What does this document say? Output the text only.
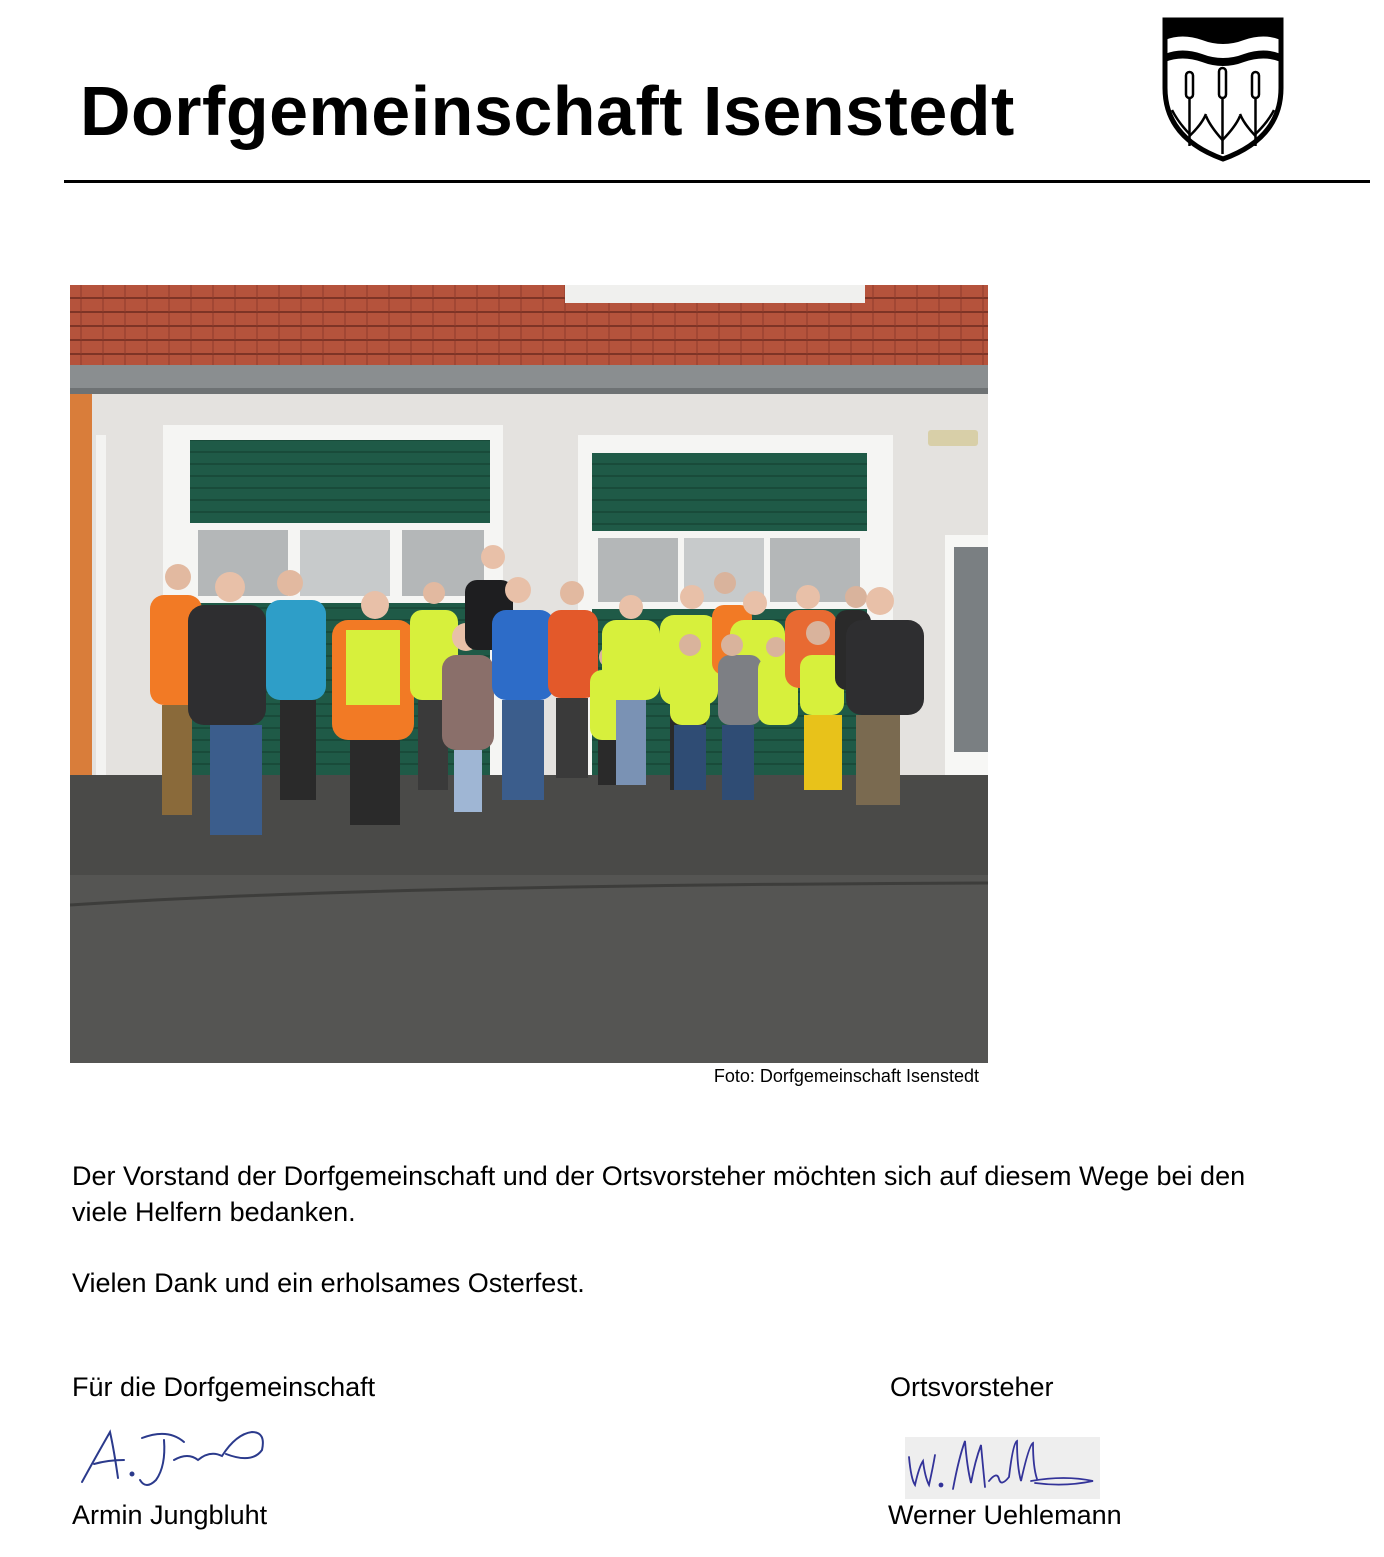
Dorfgemeinschaft Isenstedt
Foto: Dorfgemeinschaft Isenstedt
Der Vorstand der Dorfgemeinschaft und der Ortsvorsteher möchten sich auf diesem Wege bei den viele Helfern bedanken.
Vielen Dank und ein erholsames Osterfest.
Für die Dorfgemeinschaft	Ortsvorsteher
Armin Jungbluht	Werner Uehlemann
